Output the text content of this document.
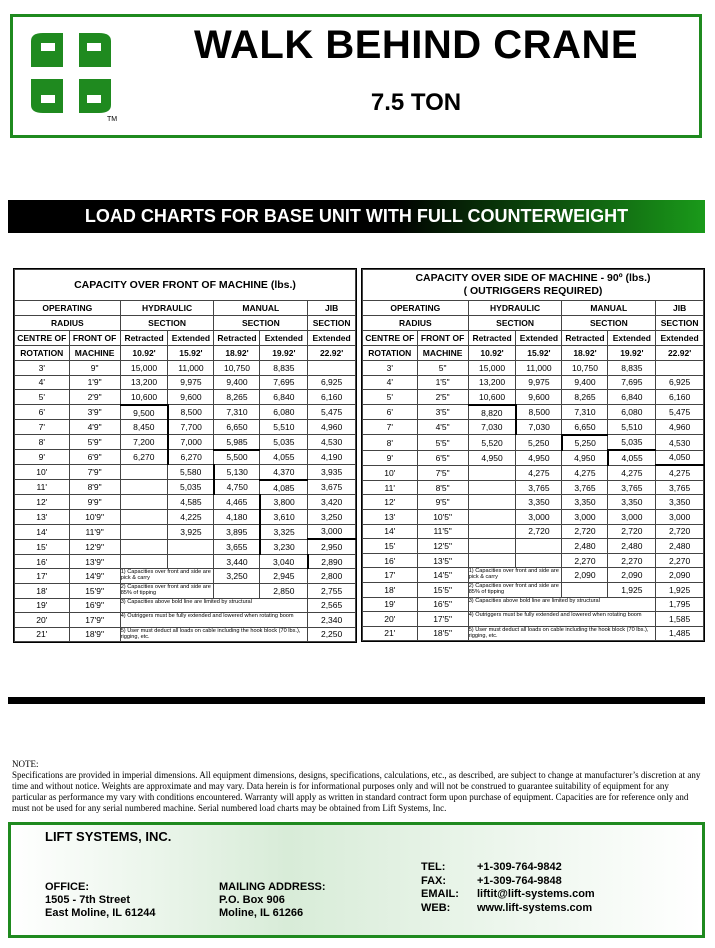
TM
WALK BEHIND CRANE
7.5 TON
LOAD CHARTS FOR BASE UNIT WITH FULL COUNTERWEIGHT
CAPACITY OVER FRONT OF MACHINE (lbs.)						

OPERATING		HYDRAULIC		MANUAL		JIB
RADIUS		SECTION		SECTION		SECTION
CENTRE OF	FRONT OF	Retracted	Extended	Retracted	Extended	Extended
ROTATION	MACHINE	10.92'	15.92'	18.92'	19.92'	22.92'
3'	9"	15,000	11,000	10,750	8,835	
4'	1'9"	13,200	9,975	9,400	7,695	6,925
5'	2'9"	10,600	9,600	8,265	6,840	6,160
6'	3'9"	9,500	8,500	7,310	6,080	5,475
7'	4'9"	8,450	7,700	6,650	5,510	4,960
8'	5'9"	7,200	7,000	5,985	5,035	4,530
9'	6'9"	6,270	6,270	5,500	4,055	4,190
10'	7'9"		5,580	5,130	4,370	3,935
11'	8'9"		5,035	4,750	4,085	3,675
12'	9'9"		4,585	4,465	3,800	3,420
13'	10'9"		4,225	4,180	3,610	3,250
14'	11'9"		3,925	3,895	3,325	3,000
15'	12'9"			3,655	3,230	2,950
16'	13'9"			3,440	3,040	2,890
17'	14'9"	1) Capacities over front and side are pick & carry		3,250	2,945	2,800
18'	15'9"	2) Capacities over front and side are 85% of tipping			2,850	2,755
19'	16'9"	3) Capacities above bold line are limited by structural				2,565
20'	17'9"	4) Outriggers must be fully extended and lowered when rotating boom				2,340
21'	18'9"	5) User must deduct all loads on cable including the hook block (70 lbs.), rigging, etc.				2,250
CAPACITY OVER SIDE OF MACHINE - 90º (lbs.)
( OUTRIGGERS REQUIRED)						

OPERATING		HYDRAULIC		MANUAL		JIB
RADIUS		SECTION		SECTION		SECTION
CENTRE OF	FRONT OF	Retracted	Extended	Retracted	Extended	Extended
ROTATION	MACHINE	10.92'	15.92'	18.92'	19.92'	22.92'
3'	5"	15,000	11,000	10,750	8,835	
4'	1'5"	13,200	9,975	9,400	7,695	6,925
5'	2'5"	10,600	9,600	8,265	6,840	6,160
6'	3'5"	8,820	8,500	7,310	6,080	5,475
7'	4'5"	7,030	7,030	6,650	5,510	4,960
8'	5'5"	5,520	5,250	5,250	5,035	4,530
9'	6'5"	4,950	4,950	4,950	4,055	4,050
10'	7'5"		4,275	4,275	4,275	4,275
11'	8'5"		3,765	3,765	3,765	3,765
12'	9'5"		3,350	3,350	3,350	3,350
13'	10'5"		3,000	3,000	3,000	3,000
14'	11'5"		2,720	2,720	2,720	2,720
15'	12'5"			2,480	2,480	2,480
16'	13'5"			2,270	2,270	2,270
17'	14'5"	1) Capacities over front and side are pick & carry		2,090	2,090	2,090
18'	15'5"	2) Capacities over front and side are 85% of tipping			1,925	1,925
19'	16'5"	3) Capacities above bold line are limited by structural				1,795
20'	17'5"	4) Outriggers must be fully extended and lowered when rotating boom				1,585
21'	18'5"	5) User must deduct all loads on cable including the hook block (70 lbs.), rigging, etc.				1,485
NOTE:
Specifications are provided in imperial dimensions. All equipment dimensions, designs, specifications, calculations, etc., as described, are subject to change at manufacturer’s discretion at any time and without notice. Weights are approximate and may vary. Data herein is for informational purposes only and will not be construed to guarantee suitability of equipment for any particular as performance my vary with conditions encountered. Warranty will apply as written in standard contract form upon purchase of equipment. Capacities are for reference only and must not be used for any serial numbered machine. Serial numbered load charts may be obtained from Lift Systems, Inc.
LIFT SYSTEMS, INC.
OFFICE:
1505 - 7th Street
East Moline, IL 61244
MAILING ADDRESS:
P.O. Box 906
Moline, IL 61266
TEL:	+1-309-764-9842
FAX:	+1-309-764-9848
EMAIL: liftit@lift-systems.com
WEB: www.lift-systems.com
